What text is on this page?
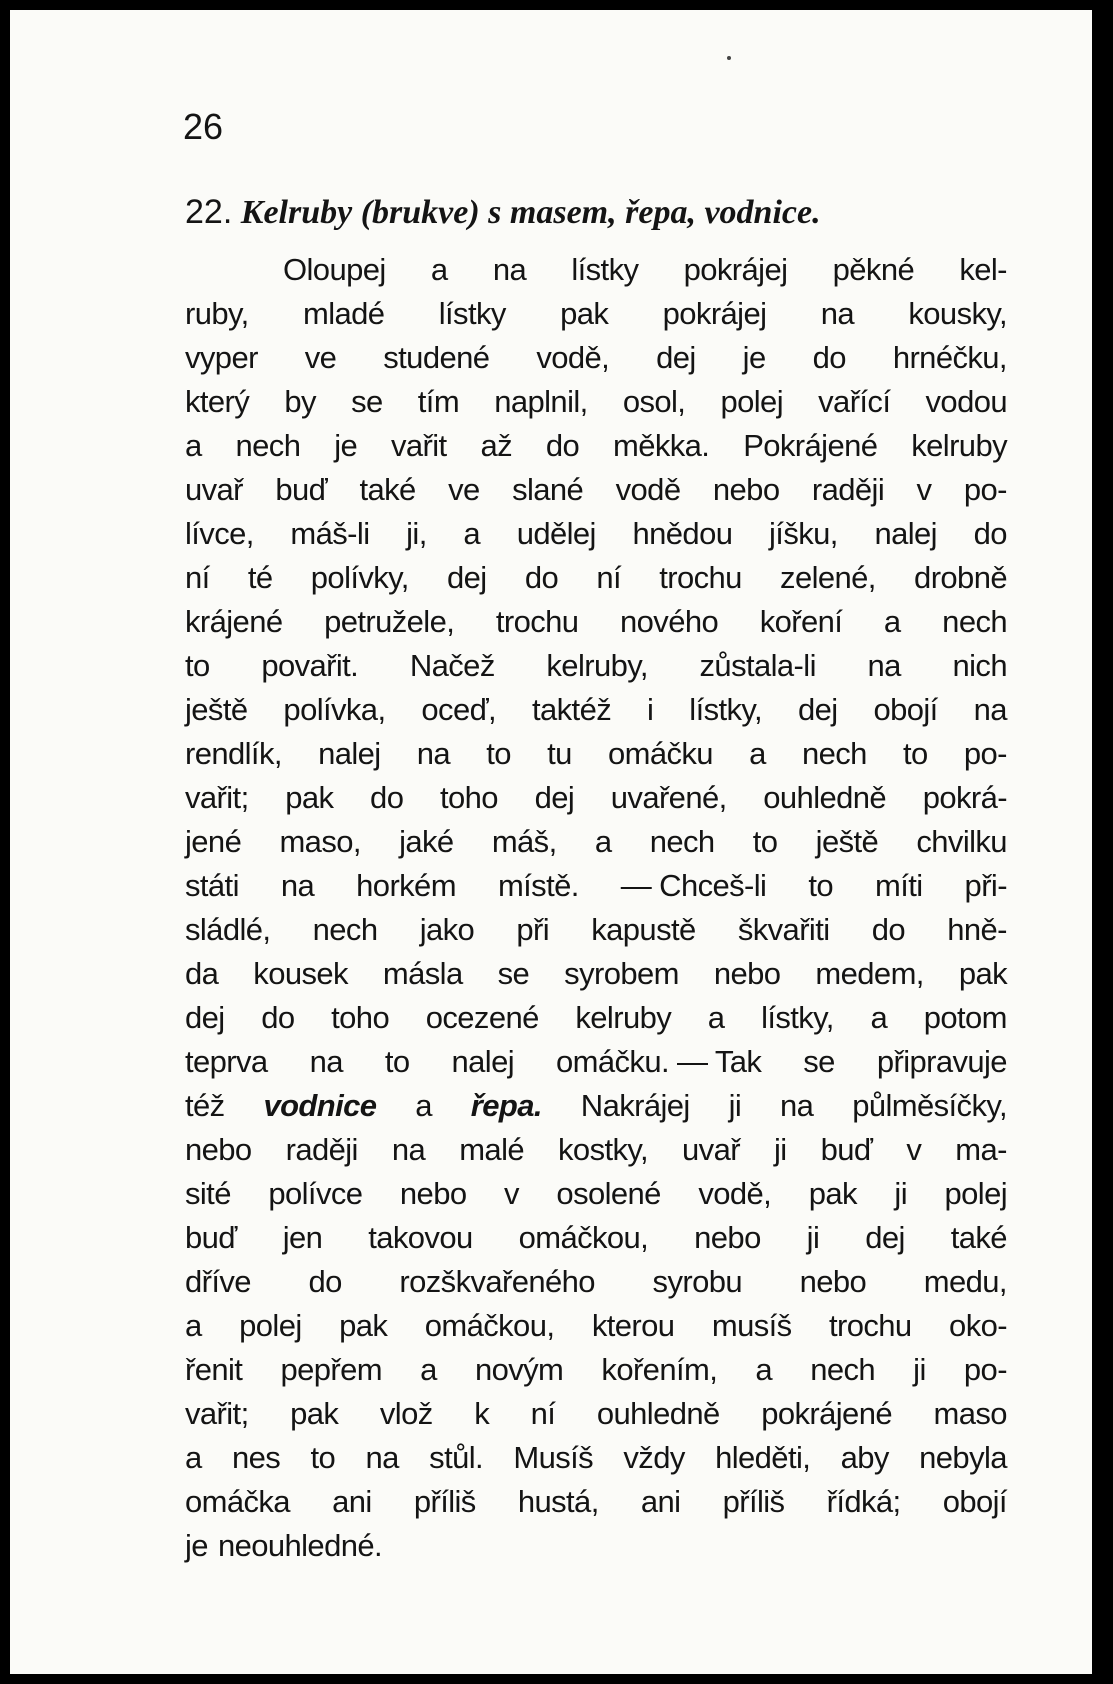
26
22. Kelruby (brukve) s masem, řepa, vodnice.
Oloupej a na lístky pokrájej pěkné kel-
ruby, mladé lístky pak pokrájej na kousky,
vyper ve studené vodě, dej je do hrnéčku,
který by se tím naplnil, osol, polej vařící vodou
a nech je vařit až do měkka. Pokrájené kelruby
uvař buď také ve slané vodě nebo raději v po-
lívce, máš-li ji, a udělej hnědou jíšku, nalej do
ní té polívky, dej do ní trochu zelené, drobně
krájené petružele, trochu nového koření a nech
to povařit. Načež kelruby, zůstala-li na nich
ještě polívka, oceď, taktéž i lístky, dej obojí na
rendlík, nalej na to tu omáčku a nech to po-
vařit; pak do toho dej uvařené, ouhledně pokrá-
jené maso, jaké máš, a nech to ještě chvilku
státi na horkém místě. — Chceš-li to míti při-
sládlé, nech jako při kapustě škvařiti do hně-
da kousek másla se syrobem nebo medem, pak
dej do toho ocezené kelruby a lístky, a potom
teprva na to nalej omáčku. — Tak se připravuje
též vodnice a řepa. Nakrájej ji na půlměsíčky,
nebo raději na malé kostky, uvař ji buď v ma-
sité polívce nebo v osolené vodě, pak ji polej
buď jen takovou omáčkou, nebo ji dej také
dříve do rozškvařeného syrobu nebo medu,
a polej pak omáčkou, kterou musíš trochu oko-
řenit pepřem a novým kořením, a nech ji po-
vařit; pak vlož k ní ouhledně pokrájené maso
a nes to na stůl. Musíš vždy hleděti, aby nebyla
omáčka ani příliš hustá, ani příliš řídká; obojí
je neouhledné.
